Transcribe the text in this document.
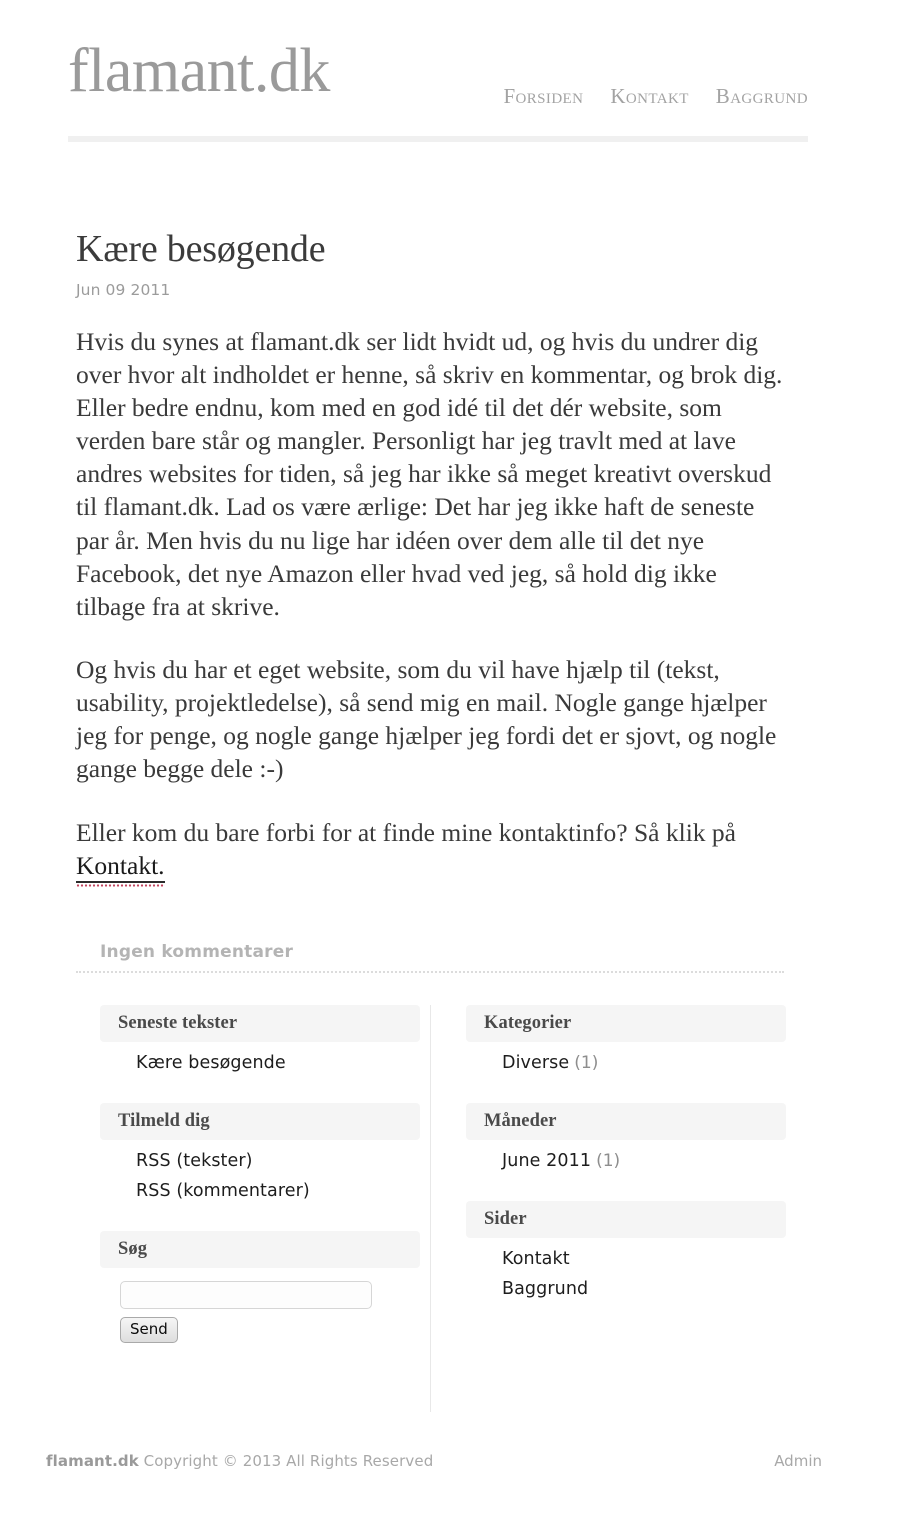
flamant.dk	Forsiden Kontakt Baggrund
Kære besøgende
Jun 09 2011

Hvis du synes at flamant.dk ser lidt hvidt ud, og hvis du undrer dig over hvor alt indholdet er henne, så skriv en kommentar, og brok dig. Eller bedre endnu, kom med en god idé til det dér website, som verden bare står og mangler. Personligt har jeg travlt med at lave andres websites for tiden, så jeg har ikke så meget kreativt overskud til flamant.dk. Lad os være ærlige: Det har jeg ikke haft de seneste par år. Men hvis du nu lige har idéen over dem alle til det nye Facebook, det nye Amazon eller hvad ved jeg, så hold dig ikke tilbage fra at skrive.

Og hvis du har et eget website, som du vil have hjælp til (tekst, usability, projektledelse), så send mig en mail. Nogle gange hjælper jeg for penge, og nogle gange hjælper jeg fordi det er sjovt, og nogle gange begge dele :-)

Eller kom du bare forbi for at finde mine kontaktinfo? Så klik på Kontakt.

Ingen kommentarer
Seneste tekster
Kære besøgende
Tilmeld dig
RSS (tekster)
RSS (kommentarer)
Søg
Send
Kategorier
Diverse (1)
Måneder
June 2011 (1)
Sider
Kontakt
Baggrund
flamant.dk Copyright © 2013 All Rights Reserved	Admin
